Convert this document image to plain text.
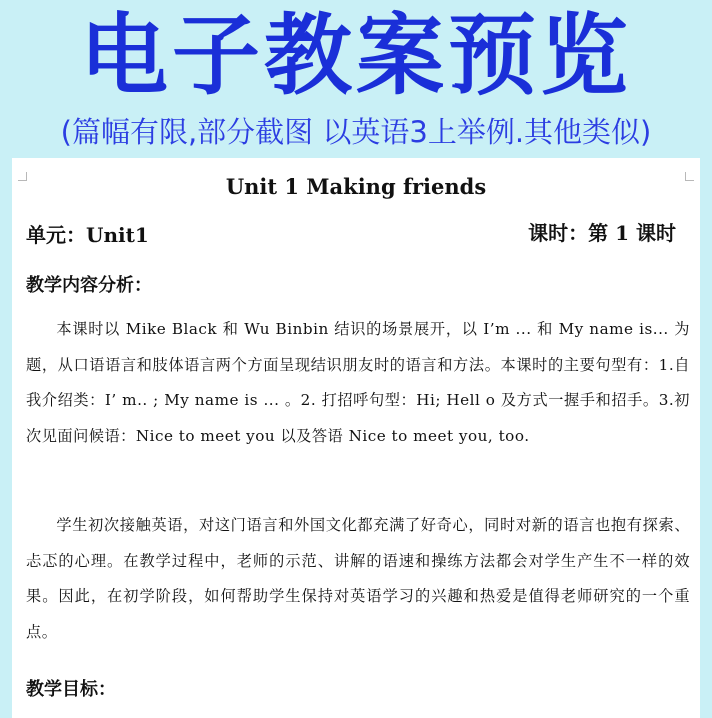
电子教案预览
(篇幅有限,部分截图 以英语3上举例.其他类似)
Unit 1 Making friends
单元：Unit1	课时：第 1 课时
教学内容分析：
本课时以 Mike Black 和 Wu Binbin 结识的场景展开，以 I’m ... 和 My name is... 为题，从口语语言和肢体语言两个方面呈现结识朋友时的语言和方法。本课时的主要句型有：1.自我介绍类：I’ m.. ; My name is ... 。2. 打招呼句型：Hi; Hell o 及方式一握手和招手。3.初次见面问候语：Nice to meet you 以及答语 Nice to meet you, too.
学生初次接触英语，对这门语言和外国文化都充满了好奇心，同时对新的语言也抱有探索、忐忑的心理。在教学过程中，老师的示范、讲解的语速和操练方法都会对学生产生不一样的效果。因此，在初学阶段，如何帮助学生保持对英语学习的兴趣和热爱是值得老师研究的一个重点。
教学目标：
